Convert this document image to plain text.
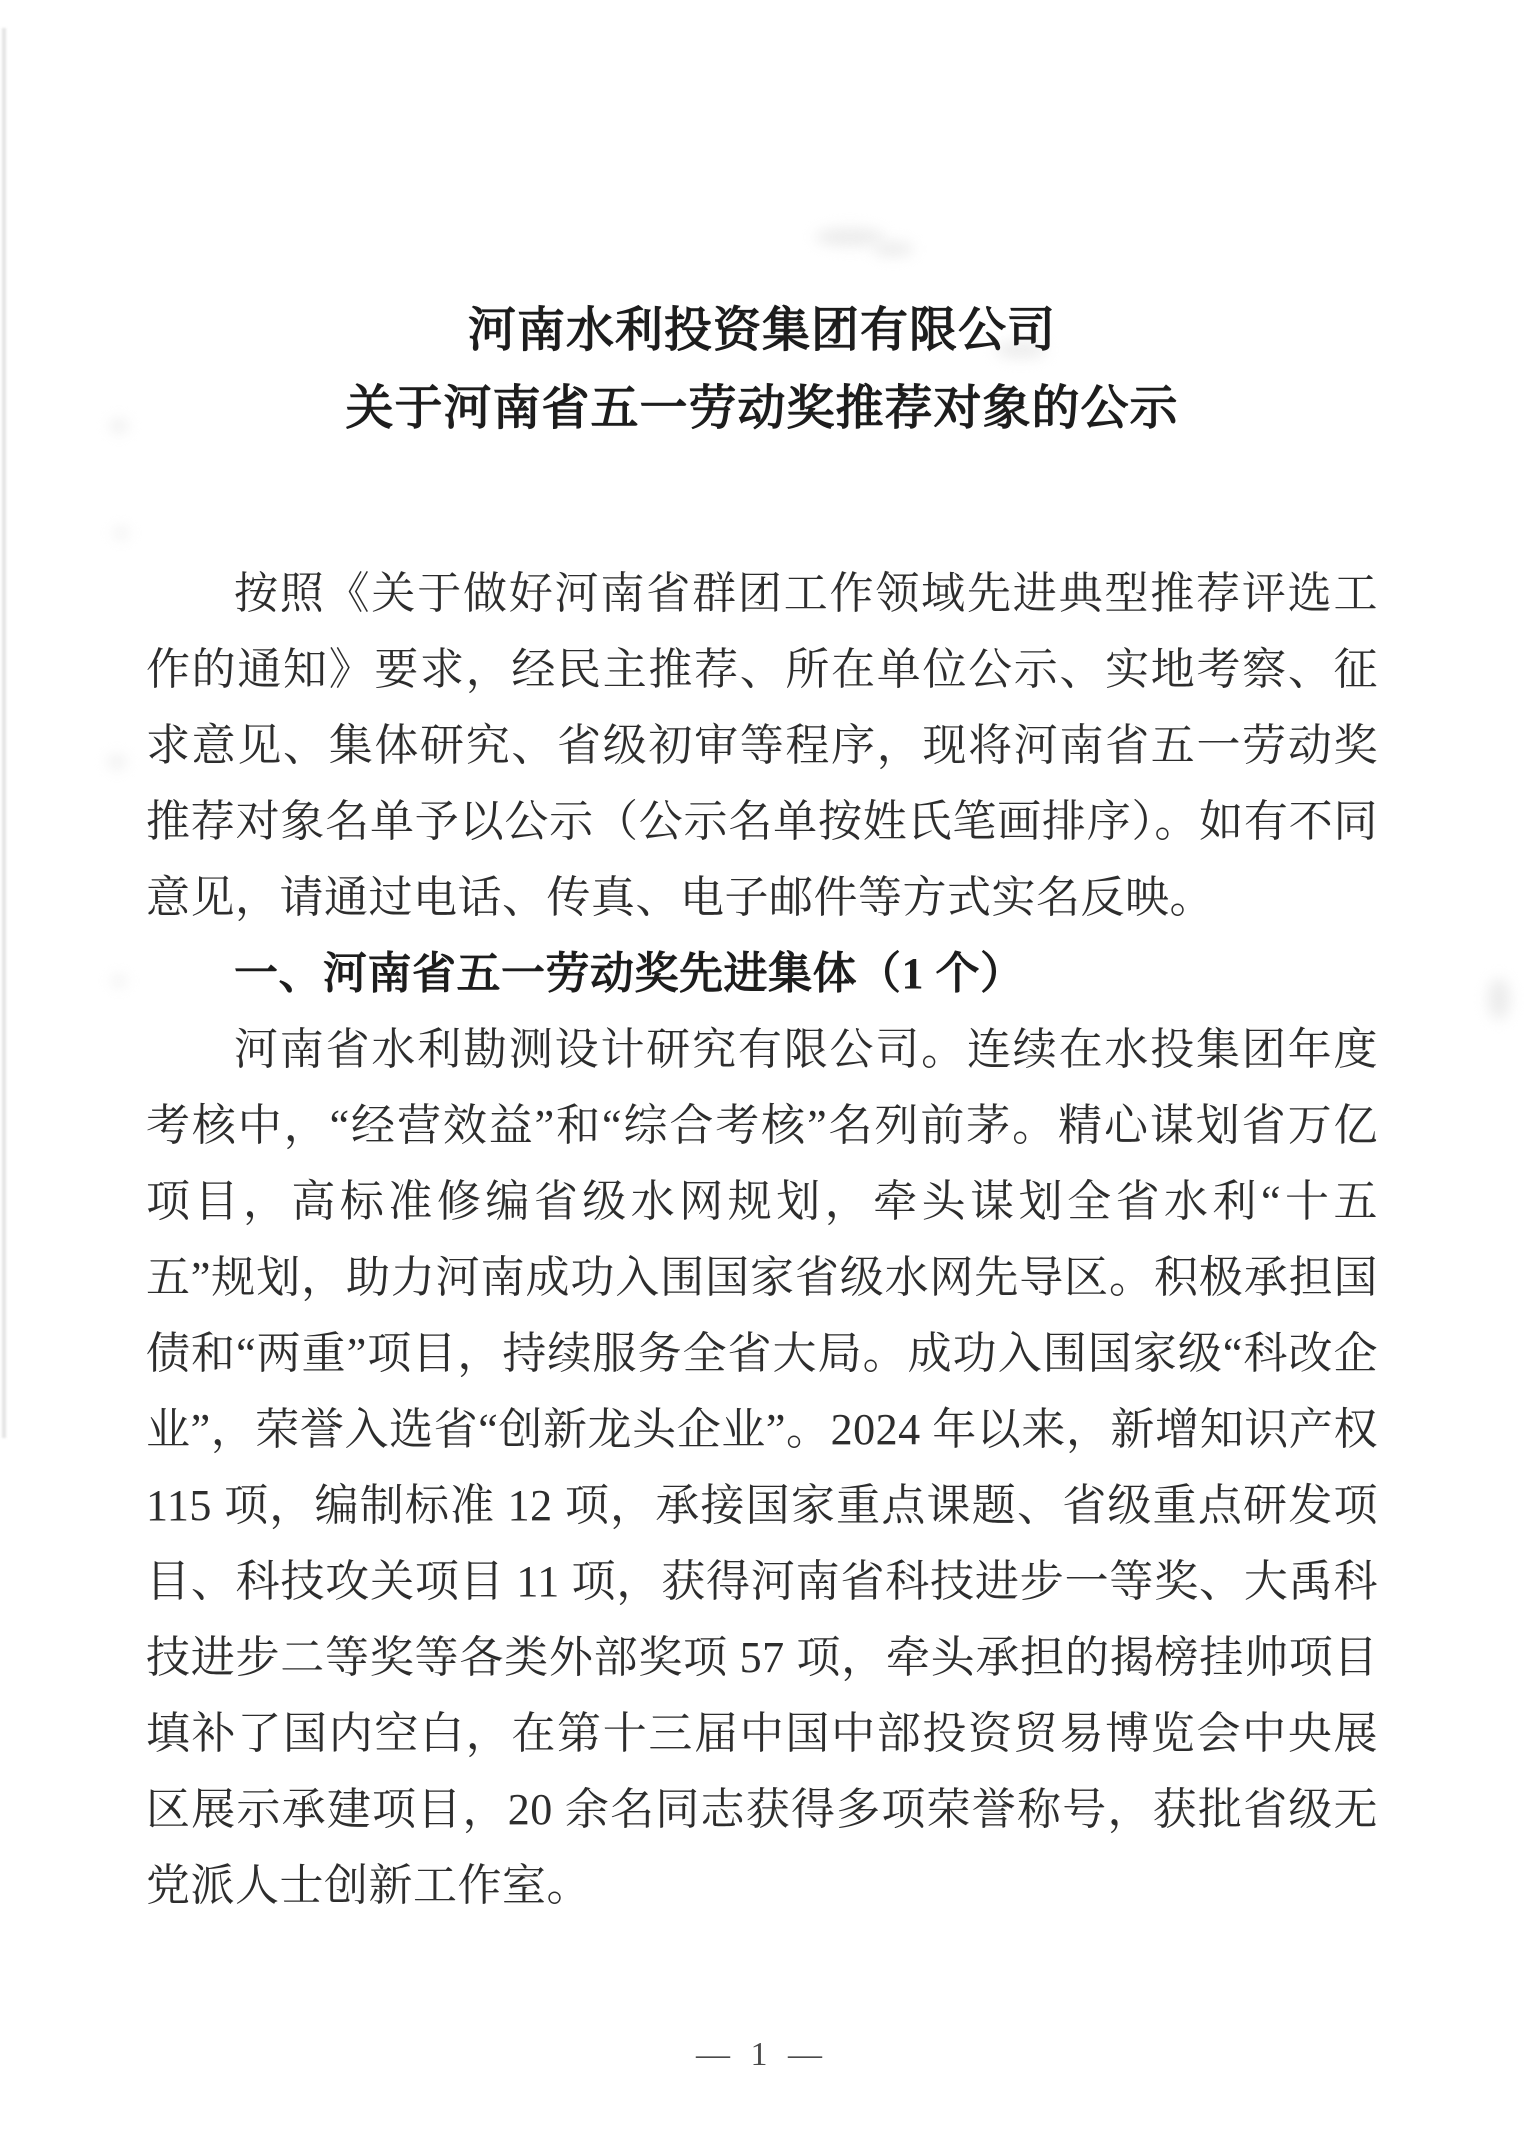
河南水利投资集团有限公司
关于河南省五一劳动奖推荐对象的公示

按照《关于做好河南省群团工作领域先进典型推荐评选工作的通知》要求，经民主推荐、所在单位公示、实地考察、征求意见、集体研究、省级初审等程序，现将河南省五一劳动奖推荐对象名单予以公示（公示名单按姓氏笔画排序）。如有不同意见，请通过电话、传真、电子邮件等方式实名反映。

一、河南省五一劳动奖先进集体（1 个）

河南省水利勘测设计研究有限公司。连续在水投集团年度考核中，“经营效益”和“综合考核”名列前茅。精心谋划省万亿项目，高标准修编省级水网规划，牵头谋划全省水利“十五五”规划，助力河南成功入围国家省级水网先导区。积极承担国债和“两重”项目，持续服务全省大局。成功入围国家级“科改企业”，荣誉入选省“创新龙头企业”。2024 年以来，新增知识产权 115 项，编制标准 12 项，承接国家重点课题、省级重点研发项目、科技攻关项目 11 项，获得河南省科技进步一等奖、大禹科技进步二等奖等各类外部奖项 57 项，牵头承担的揭榜挂帅项目填补了国内空白，在第十三届中国中部投资贸易博览会中央展区展示承建项目，20 余名同志获得多项荣誉称号，获批省级无党派人士创新工作室。

— 1 —
